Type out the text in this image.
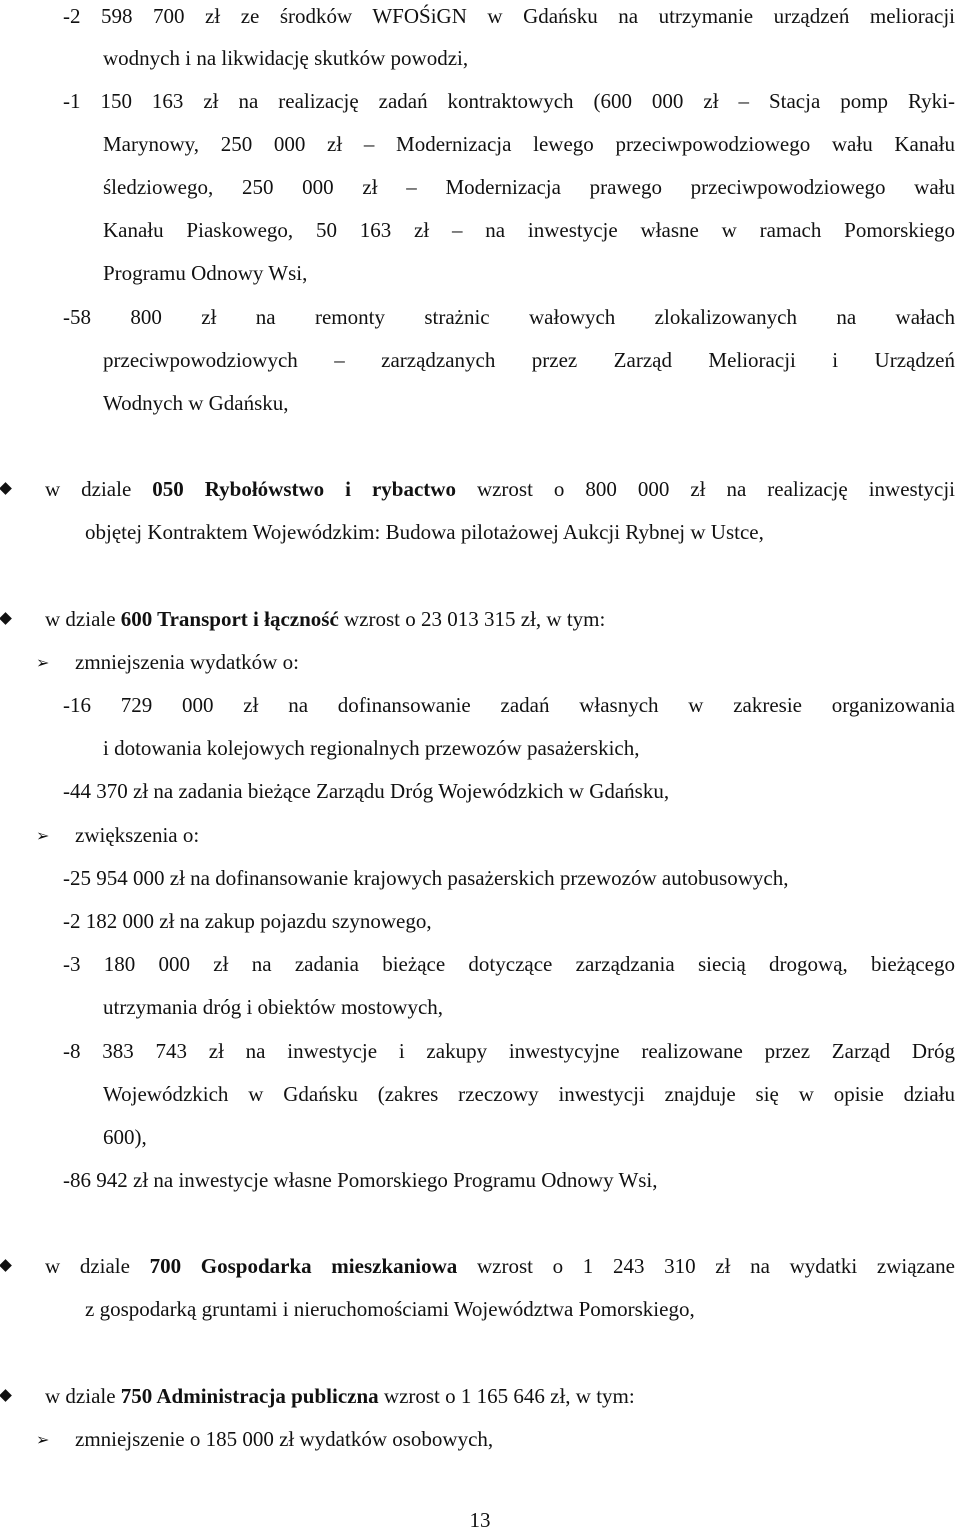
-2 598 700 zł ze środków WFOŚiGN w Gdańsku na utrzymanie urządzeń melioracji
wodnych i na likwidację skutków powodzi,
-1 150 163 zł na realizację zadań kontraktowych (600 000 zł – Stacja pomp Ryki-
Marynowy, 250 000 zł – Modernizacja lewego przeciwpowodziowego wału Kanału
śledziowego, 250 000 zł – Modernizacja prawego przeciwpowodziowego wału
Kanału Piaskowego, 50 163 zł – na inwestycje własne w ramach Pomorskiego
Programu Odnowy Wsi,
-58 800 zł na remonty strażnic wałowych zlokalizowanych na wałach
przeciwpowodziowych – zarządzanych przez Zarząd Melioracji i Urządzeń
Wodnych w Gdańsku,
w dziale 050 Rybołówstwo i rybactwo wzrost o 800 000 zł na realizację inwestycji
objętej Kontraktem Wojewódzkim: Budowa pilotażowej Aukcji Rybnej w Ustce,
w dziale 600 Transport i łączność wzrost o 23 013 315 zł, w tym:
➢ zmniejszenia wydatków o:
-16 729 000 zł na dofinansowanie zadań własnych w zakresie organizowania
i dotowania kolejowych regionalnych przewozów pasażerskich,
-44 370 zł na zadania bieżące Zarządu Dróg Wojewódzkich w Gdańsku,
➢ zwiększenia o:
-25 954 000 zł na dofinansowanie krajowych pasażerskich przewozów autobusowych,
-2 182 000 zł na zakup pojazdu szynowego,
-3 180 000 zł na zadania bieżące dotyczące zarządzania siecią drogową, bieżącego
utrzymania dróg i obiektów mostowych,
-8 383 743 zł na inwestycje i zakupy inwestycyjne realizowane przez Zarząd Dróg
Wojewódzkich w Gdańsku (zakres rzeczowy inwestycji znajduje się w opisie działu
600),
-86 942 zł na inwestycje własne Pomorskiego Programu Odnowy Wsi,
w dziale 700 Gospodarka mieszkaniowa wzrost o 1 243 310 zł na wydatki związane
z gospodarką gruntami i nieruchomościami Województwa Pomorskiego,
w dziale 750 Administracja publiczna wzrost o 1 165 646 zł, w tym:
➢ zmniejszenie o 185 000 zł wydatków osobowych,
13
